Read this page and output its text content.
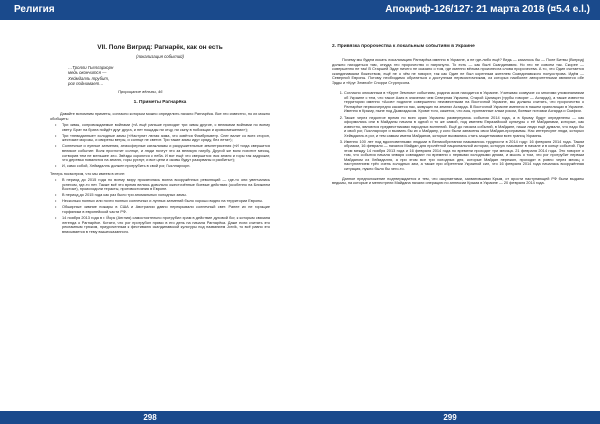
Религия
VII. Поле Вигрид: Рагнарёк, как он есть
(локализация событий)
…Тролли Гьяллархорн
медь окончится —
Хеймдалль трубит,
рог поднимает…
Прорицание вёльвы, 46
1. Приметы Рагнарёка

Давайте вспомним приметы, согласно которым можно определить начало Рагнарёка. Все это известно, но их можно обобщить:

• Три зимы, сопровождаемые войнами («А ещё раньше приходят три зимы другие, с великими войнами по всему свету. Брат на брата пойдёт друг друга, и нет пощады ни отцу, ни сыну в побоищах и кровосмешении»);
• Три «невиданные» холодные зимы («Наступит лютая зима, что зовётся Фимбульветр. Снег валит со всех сторон, жестокие морозы, и свирепы ветры, и солнце не светит. Три такие зимы идут сряду, без лета»);
• Солнечные и лунные затмения, атмосферные катаклизмы и разрушительные землетрясения («И тогда свершится великое событие: Волк проглотит солнце, и люди почтут это за великую пагубу. Другой же волк похитит месяц, сотворив тем не меньшее зло. Звёзды скроются с неба. И вот ещё что свершится: вся земля и горы так задрожат, что деревья повалятся на землю, горы рухнут, и все цепи и оковы будут разорваны и разбиты»);
• И, само собой, Хеймдалль должен протрубить в свой рог, Гьяллархорн.

Теперь посмотрим, что мы имеем в итоге:

• В период до 2015 года по всему миру прокатилась волна вооружённых революций — где-то они увенчались успехом, где-то нет. Также всё это время велись довольно ожесточённые боевые действия (особенно на Ближнем Востоке), происходили теракты, противостояния в Европе.
• В период до 2015 года как раз было три аномальных холодных зимы.
• Несколько полных или почти полных солнечных и лунных затмений было хорошо видно на территории Европы.
• Обширные зимние пожары в США и Австралии давно перекрывали солнечный свет. Ранее их не горящие торфяники в европейской части РФ.
• 14 ноября 2013 года в г. Йорк (Англия) самостоятельно протрубил храм в действие духовой бог, к которым связана легенда о Рагнарёке. Кстати, что рог протрубил прямо в его день на начала Рагнарёка. Даже если считать это рекламным трюком, приуроченным к фестивалю скандинавской культуры под названием Jorvik, то всё равно это вписывается в тему вышесказанного.
298
Апокриф-126/127: 21 марта 2018 (¤5.4 e.l.)
2. Привязка пророчества к локальным событиям в Украине

Почему мы будем искать локализацию Рагнарёка именно в Украине, а не где-либо ещё? Ведь — казалось бы — Поле Битвы (Вигрид) должно находиться там, откуда это пророчество и нагрянуло. То есть — как былt Скандинавия. Но это не совсем так. Скорее — совершенно не так! В Старшей Эдде ничего не сказано о том, где именно вёльва произнесла слова пророчества. А то, что Один считается скандинавским божеством, ещё не о чём не говорит, так как Один не был коренным жителем Скандинавского полуострова. Идём — Северной Европы. Потому необходимо обратиться к доступным первоисточникам, из которых наиболее авторитетными являются обе Эдды и «Круг Земной» Снорри Стурлусона.

1. Согласно описанным в «Круге Земном» событиям, родина асов находится в Украине. Учитывая созвучие со многими упоминаниями об Украине с тем, что такое Азия в значении чем Северная Украина, Старой Цалицин (трубы говорят — Асгарда), а также известно территории именно «Асов» подлине совершенно неизвестными на Восточной Украине, мы должны считать, что пророчество о Рагнарёке первоочередно касается нас, живущих на землях Асгарда. В Восточной Украине имеются в нашем хранилищах в Украине. Именно в Крыму, ныне под Дымиздасом. Кроме того, кажется, что асы, пригнанные злым роком, боевые потомки Асгарда и Скифии.
2. Также через недолгое время по всех краю Украины развернулись события 2014 года, а в Крыму будут определены — как оформились они в Майданы начала в одной и то же самой, под именем Евразийской культуры с её Майданами, которые, как известно, являются предвестниками народных волнений. Ещё до начала событий, в Майдане, наши люди ещё думали, что надо бы и свой рог, Гьяллархорн и вызвать бы их к Майдану, у кого были запасены свои Майдан-программы. Нас интересуют люди, которых Хеймдалль в рог, и тем самым имена Майданов, которые вызвались стать защитниками всех границ Украины.
3. Именно 100 лет под вдохновенными людьми в Великобритании назывались трудности в 2014 году: 16 февраля 2014 года. Таким образом, 16 февраля — начался Майдан для пролётной национальной истории, которую называют в начале и в конце событий. При этом между 14 ноября 2013 года и 16 февраля 2014 года по времени проходят три месяца. 21 февраля 2014 года. Это говорит о том, что события начала января совпадают по времени с первыми холодными днями, и мысль о том, что рог протрубит первым Майданом из Хеймдалля, а при этом все три холодных дня, которые Майдан пережил, проходят в ровно через месяц с наступлением трёх очень холодных зим, а также при обретении Украиной сил, что 16 февраля 2014 года началась вооружённая ситуация, нужно было бы чего-то.

Данное предположение подтверждается и тем, что оккупантами, захватившими Крым, от ярости наступающей РФ были выданы ведьмы, на которые и менестрели Майдана начали операцию по аннексии Крыма в Украине — 20 февраля 2014 года.

299
